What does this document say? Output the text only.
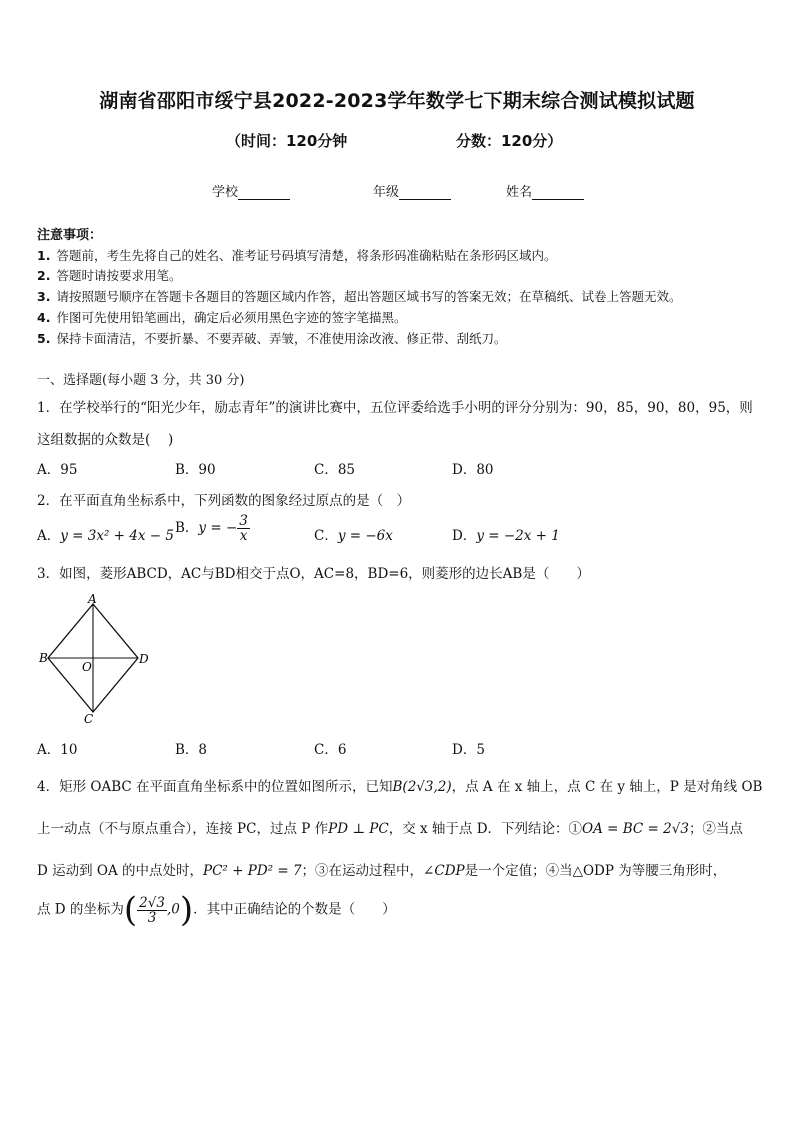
湖南省邵阳市绥宁县2022-2023学年数学七下期末综合测试模拟试题
（时间：120分钟	分数：120分）
学校	年级	姓名
注意事项：
1. 答题前，考生先将自己的姓名、准考证号码填写清楚，将条形码准确粘贴在条形码区域内。
2. 答题时请按要求用笔。
3. 请按照题号顺序在答题卡各题目的答题区域内作答，超出答题区域书写的答案无效；在草稿纸、试卷上答题无效。
4. 作图可先使用铅笔画出，确定后必须用黑色字迹的签字笔描黑。
5. 保持卡面清洁，不要折暴、不要弄破、弄皱，不准使用涂改液、修正带、刮纸刀。
一、选择题(每小题 3 分，共 30 分)
1．在学校举行的“阳光少年，励志青年”的演讲比赛中，五位评委给选手小明的评分分别为：90，85，90，80，95，则
这组数据的众数是(　 )
A．95	B．90	C．85	D．80
2．在平面直角坐标系中，下列函数的图象经过原点的是（　）
A．y = 3x² + 4x − 5 B．y = − $\frac{3}{x}$	C．y = −6x	D．y = −2x + 1
3．如图，菱形ABCD，AC与BD相交于点O，AC=8，BD=6，则菱形的边长AB是（　　）
A
B	D
C
O
A．10	B．8	C．6	D．5
4．矩形 OABC 在平面直角坐标系中的位置如图所示，已知B(2√3,2)，点 A 在 x 轴上，点 C 在 y 轴上，P 是对角线 OB
上一动点（不与原点重合），连接 PC，过点 P 作PD ⊥ PC，交 x 轴于点 D．下列结论：①OA = BC = 2√3；②当点
D 运动到 OA 的中点处时，PC² + PD² = 7；③在运动过程中，∠CDP是一个定值；④当△ODP 为等腰三角形时，
点 D 的坐标为( $\frac{2√3}{3} ,0$)．其中正确结论的个数是（　　）
